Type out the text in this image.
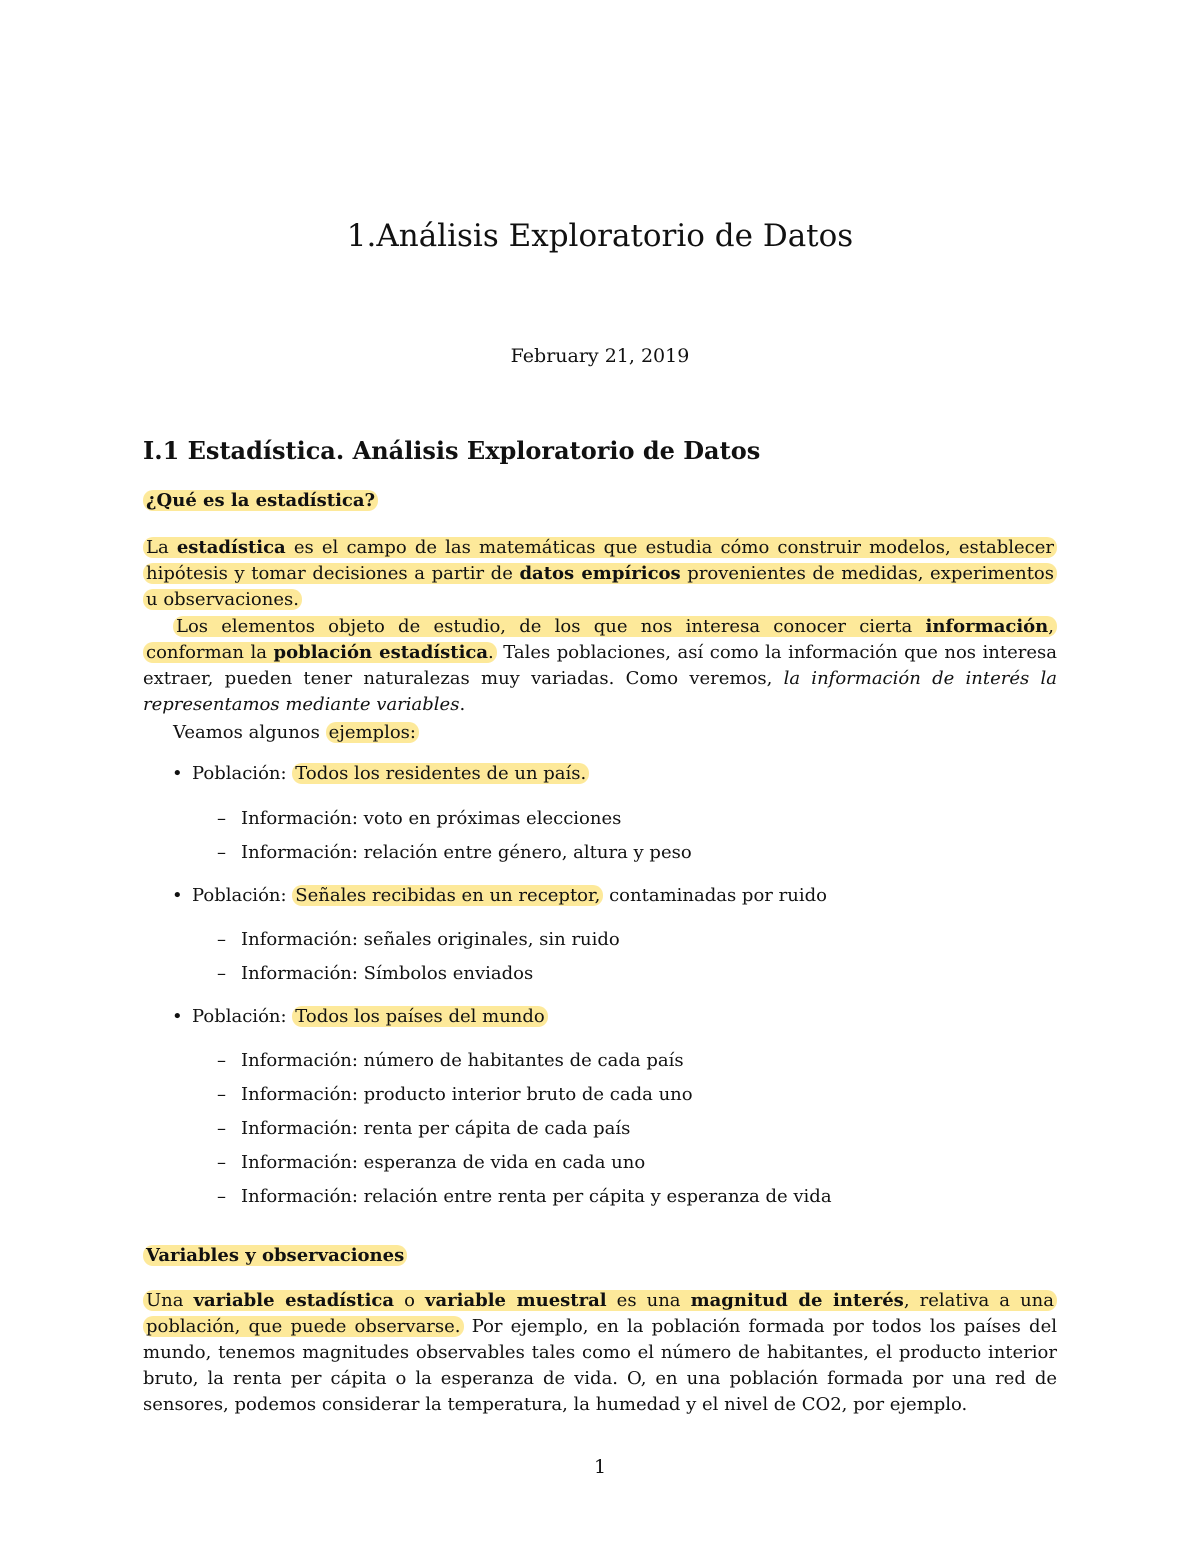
1.Análisis Exploratorio de Datos
February 21, 2019
I.1 Estadística. Análisis Exploratorio de Datos
¿Qué es la estadística?
La estadística es el campo de las matemáticas que estudia cómo construir modelos, establecer hipótesis y tomar decisiones a partir de datos empíricos provenientes de medidas, experimentos u observaciones.
Los elementos objeto de estudio, de los que nos interesa conocer cierta información, conforman la población estadística. Tales poblaciones, así como la información que nos interesa extraer, pueden tener naturalezas muy variadas. Como veremos, la información de interés la representamos mediante variables.
Veamos algunos ejemplos:
• Población: Todos los residentes de un país.
– Información: voto en próximas elecciones
– Información: relación entre género, altura y peso
• Población: Señales recibidas en un receptor, contaminadas por ruido
– Información: señales originales, sin ruido
– Información: Símbolos enviados
• Población: Todos los países del mundo
– Información: número de habitantes de cada país
– Información: producto interior bruto de cada uno
– Información: renta per cápita de cada país
– Información: esperanza de vida en cada uno
– Información: relación entre renta per cápita y esperanza de vida
Variables y observaciones
Una variable estadística o variable muestral es una magnitud de interés, relativa a una población, que puede observarse. Por ejemplo, en la población formada por todos los países del mundo, tenemos magnitudes observables tales como el número de habitantes, el producto interior bruto, la renta per cápita o la esperanza de vida. O, en una población formada por una red de sensores, podemos considerar la temperatura, la humedad y el nivel de CO2, por ejemplo.
1
